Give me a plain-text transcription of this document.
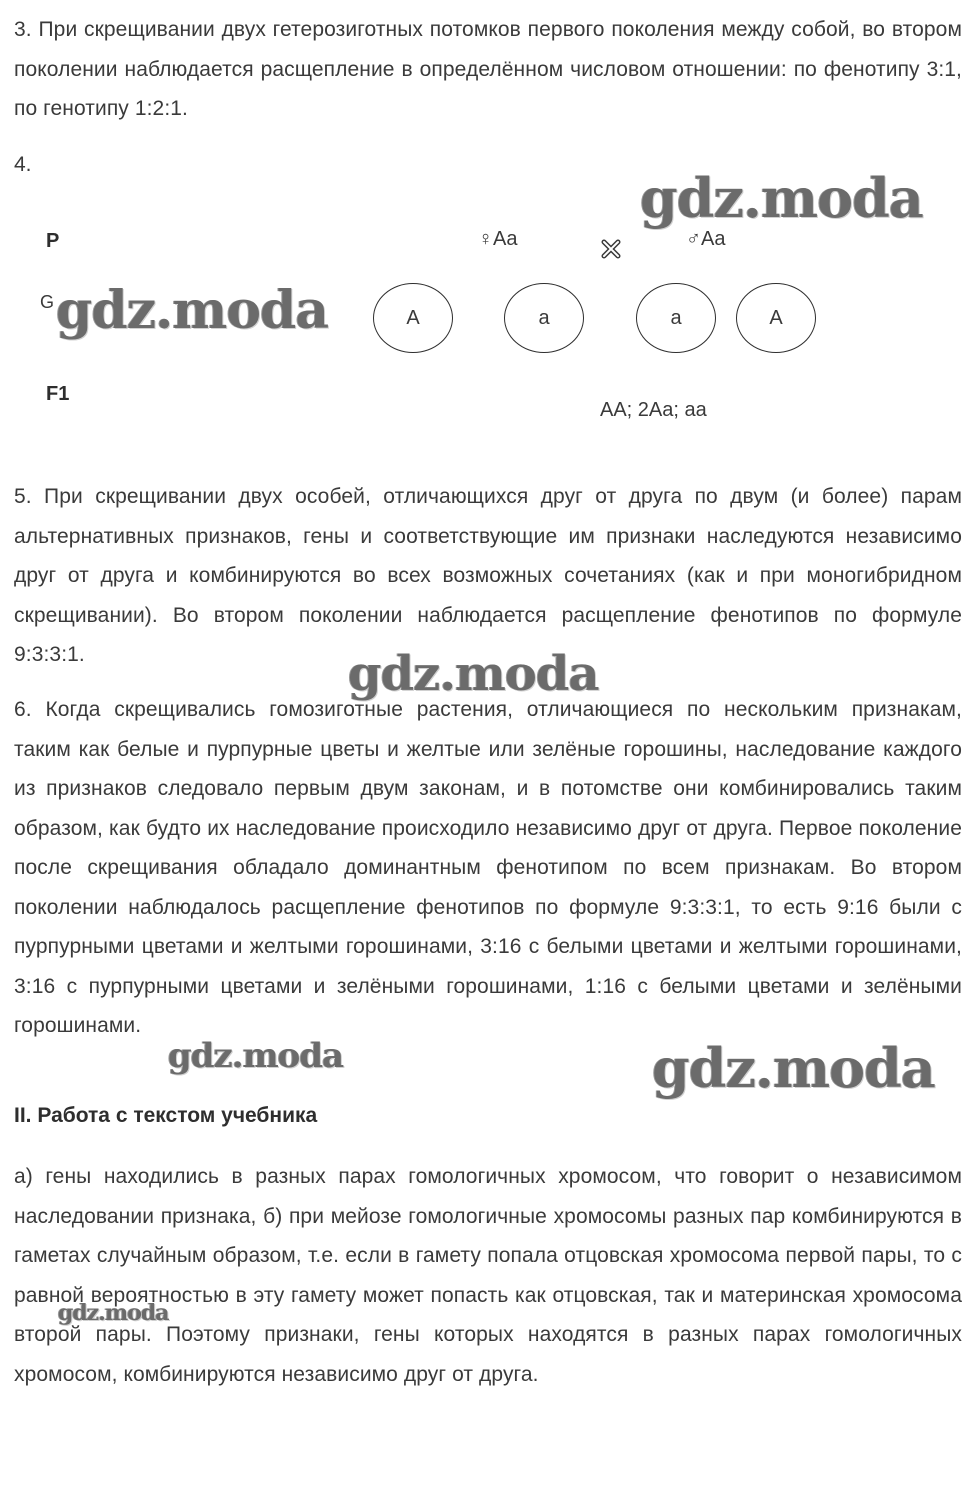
3. При скрещивании двух гетерозиготных потомков первого поколения между собой, во втором поколении наблюдается расщепление в определённом числовом отношении: по фенотипу 3:1, по генотипу 1:2:1.

4.
P	♀Aa	♂Aa
G
A	a	a	A
F1
AA; 2Aa; aa

5. При скрещивании двух особей, отличающихся друг от друга по двум (и более) парам альтернативных признаков, гены и соответствующие им признаки наследуются независимо друг от друга и комбинируются во всех возможных сочетаниях (как и при моногибридном скрещивании). Во втором поколении наблюдается расщепление фенотипов по формуле 9:3:3:1.

6. Когда скрещивались гомозиготные растения, отличающиеся по нескольким признакам, таким как белые и пурпурные цветы и желтые или зелёные горошины, наследование каждого из признаков следовало первым двум законам, и в потомстве они комбинировались таким образом, как будто их наследование происходило независимо друг от друга. Первое поколение после скрещивания обладало доминантным фенотипом по всем признакам. Во втором поколении наблюдалось расщепление фенотипов по формуле 9:3:3:1, то есть 9:16 были с пурпурными цветами и желтыми горошинами, 3:16 с белыми цветами и желтыми горошинами, 3:16 с пурпурными цветами и зелёными горошинами, 1:16 с белыми цветами и зелёными горошинами.

II. Работа с текстом учебника

а) гены находились в разных парах гомологичных хромосом, что говорит о независимом наследовании признака, б) при мейозе гомологичные хромосомы разных пар комбинируются в гаметах случайным образом, т.е. если в гамету попала отцовская хромосома первой пары, то с равной вероятностью в эту гамету может попасть как отцовская, так и материнская хромосома второй пары. Поэтому признаки, гены которых находятся в разных парах гомологичных хромосом, комбинируются независимо друг от друга.

gdz.moda
gdz.moda
gdz.moda
gdz.moda	gdz.moda
gdz.moda
